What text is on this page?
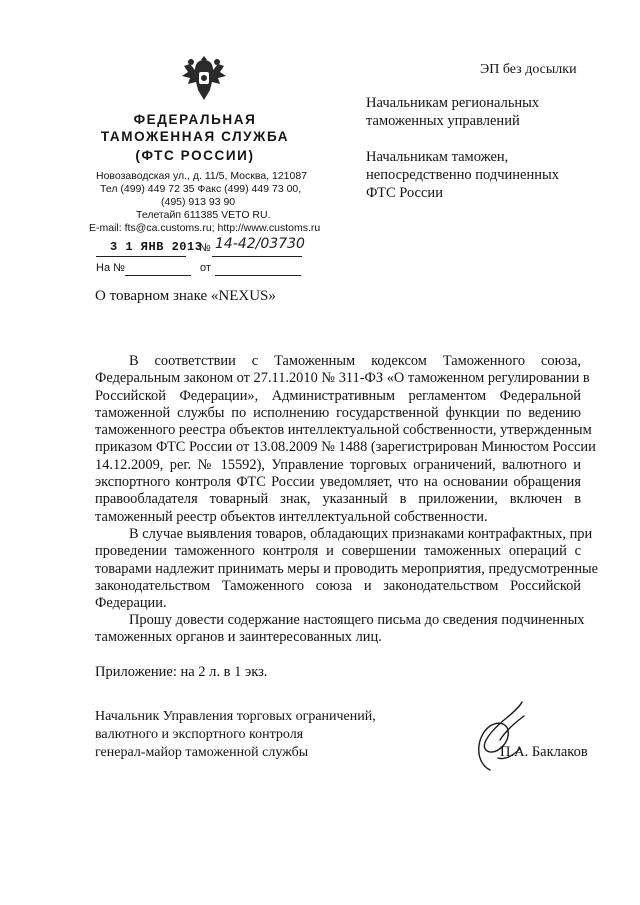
ЭП без досылки
ФЕДЕРАЛЬНАЯ
ТАМОЖЕННАЯ СЛУЖБА
(ФТС РОССИИ)
Новозаводская ул., д. 11/5, Москва, 121087
Тел (499) 449 72 35 Факс (499) 449 73 00,
(495) 913 93 90
Телетайп 611385 VETO RU.
E-mail: fts@ca.customs.ru; http://www.customs.ru
3 1 ЯНВ 2013
№ 14-42/03730
На №	от
Начальникам региональных
таможенных управлений
Начальникам таможен,
непосредственно подчиненных
ФТС России
О товарном знаке «NEXUS»
В соответствии с Таможенным кодексом Таможенного союза,
Федеральным законом от 27.11.2010 № 311-ФЗ «О таможенном регулировании в
Российской Федерации», Административным регламентом Федеральной
таможенной службы по исполнению государственной функции по ведению
таможенного реестра объектов интеллектуальной собственности, утвержденным
приказом ФТС России от 13.08.2009 № 1488 (зарегистрирован Минюстом России
14.12.2009, рег. № 15592), Управление торговых ограничений, валютного и
экспортного контроля ФТС России уведомляет, что на основании обращения
правообладателя товарный знак, указанный в приложении, включен в
таможенный реестр объектов интеллектуальной собственности.
В случае выявления товаров, обладающих признаками контрафактных, при
проведении таможенного контроля и совершении таможенных операций с
товарами надлежит принимать меры и проводить мероприятия, предусмотренные
законодательством Таможенного союза и законодательством Российской
Федерации.
Прошу довести содержание настоящего письма до сведения подчиненных
таможенных органов и заинтересованных лиц.
Приложение: на 2 л. в 1 экз.
Начальник Управления торговых ограничений,
валютного и экспортного контроля
генерал-майор таможенной службы	П.А. Баклаков
